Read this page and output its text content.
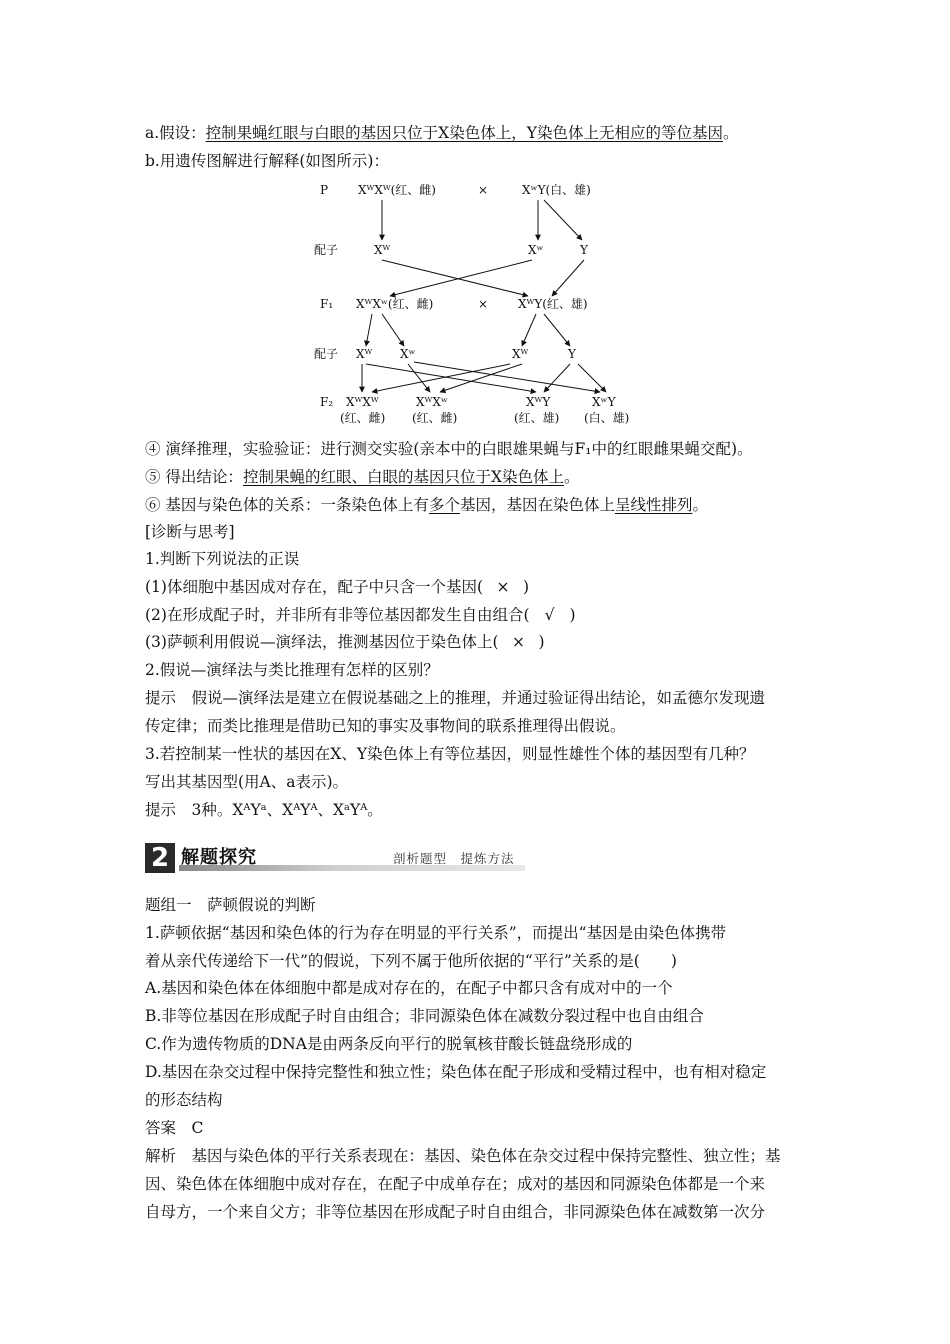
a.假设：控制果蝇红眼与白眼的基因只位于X染色体上，Y染色体上无相应的等位基因。
b.用遗传图解进行解释(如图所示)：
P
配子
F₁
配子
F₂
XᵂXᵂ(红、雌)	×	XʷY(白、雄)
Xᵂ	Xʷ	Y
XᵂXʷ(红、雌)	× XᵂY(红、雄)
Xᵂ Xʷ	Xᵂ	Y
XᵂXᵂ	XᵂXʷ	XᵂY	XʷY
(红、雌) (红、雌)	(红、雄) (白、雄)
④ 演绎推理，实验验证：进行测交实验(亲本中的白眼雄果蝇与F₁中的红眼雌果蝇交配)。
⑤ 得出结论：控制果蝇的红眼、白眼的基因只位于X染色体上。
⑥ 基因与染色体的关系：一条染色体上有多个基因，基因在染色体上呈线性排列。
[诊断与思考]
1.判断下列说法的正误
(1)体细胞中基因成对存在，配子中只含一个基因( × )
(2)在形成配子时，并非所有非等位基因都发生自由组合( √ )
(3)萨顿利用假说—演绎法，推测基因位于染色体上( × )
2.假说—演绎法与类比推理有怎样的区别？
提示　假说—演绎法是建立在假说基础之上的推理，并通过验证得出结论，如孟德尔发现遗
传定律；而类比推理是借助已知的事实及事物间的联系推理得出假说。
3.若控制某一性状的基因在X、Y染色体上有等位基因，则显性雄性个体的基因型有几种？
写出其基因型(用A、a表示)。
提示　3种。XᴬYᵃ、XᴬYᴬ、XᵃYᴬ。
2 解题探究	剖析题型　提炼方法
题组一　萨顿假说的判断
1.萨顿依据“基因和染色体的行为存在明显的平行关系”，而提出“基因是由染色体携带
着从亲代传递给下一代”的假说，下列不属于他所依据的“平行”关系的是(　　)
A.基因和染色体在体细胞中都是成对存在的，在配子中都只含有成对中的一个
B.非等位基因在形成配子时自由组合；非同源染色体在减数分裂过程中也自由组合
C.作为遗传物质的DNA是由两条反向平行的脱氧核苷酸长链盘绕形成的
D.基因在杂交过程中保持完整性和独立性；染色体在配子形成和受精过程中，也有相对稳定
的形态结构
答案　C
解析　基因与染色体的平行关系表现在：基因、染色体在杂交过程中保持完整性、独立性；基
因、染色体在体细胞中成对存在，在配子中成单存在；成对的基因和同源染色体都是一个来
自母方，一个来自父方；非等位基因在形成配子时自由组合，非同源染色体在减数第一次分
